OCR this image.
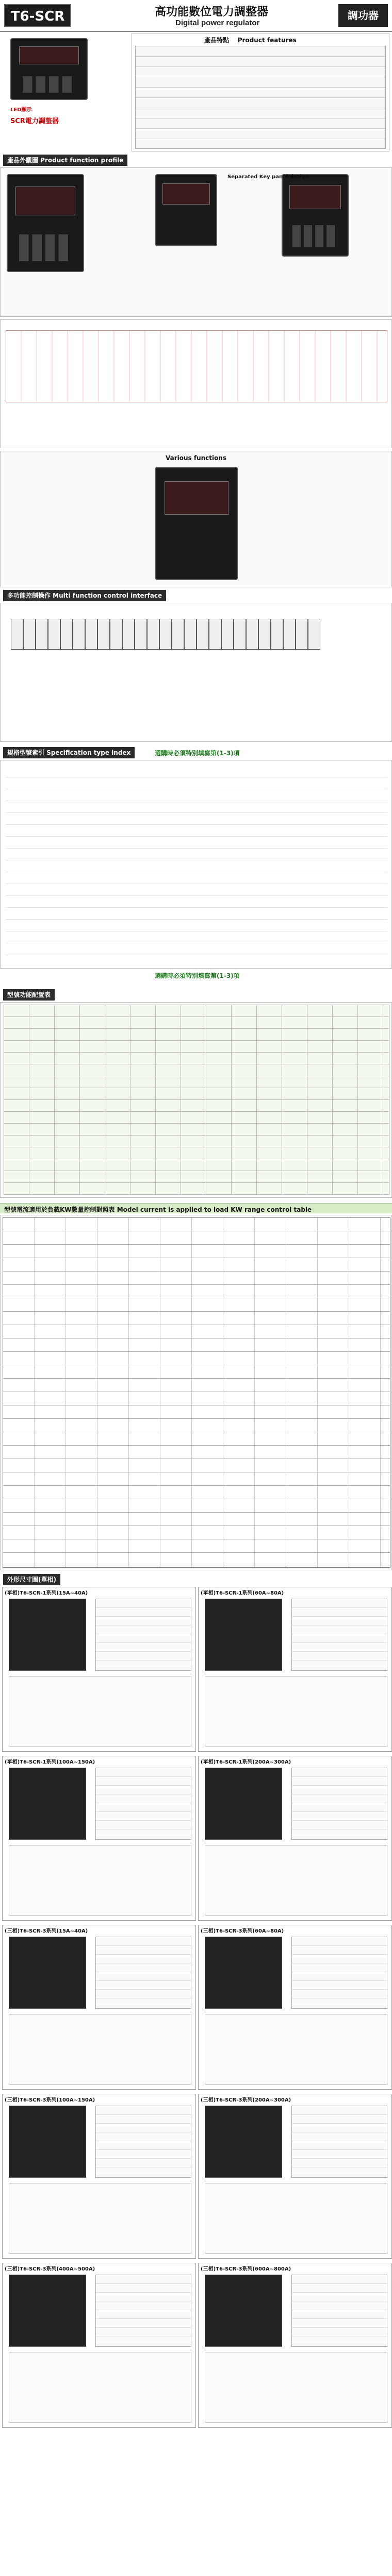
T6-SCR	高功能數位電力調整器
Digital power regulator
調功器
LED顯示
SCR電力調整器
產品特點 Product features
產品外觀圖 Product function profile
Separated Key panel design
Various functions
多功能控制操作 Multi function control interface
規格型號索引 Specification type index	選購時必須特別填寫第(1-3)項
選購時必須特別填寫第(1-3)項
型號功能配置表
型號電流適用於負載KW數量控制對照表 Model current is applied to load KW range control table
外形尺寸圖(單相)
(單相)T6-SCR-1系列(15A~40A)	(單相)T6-SCR-1系列(60A~80A)
(單相)T6-SCR-1系列(100A~150A)	(單相)T6-SCR-1系列(200A~300A)
(三相)T6-SCR-3系列(15A~40A)	(三相)T6-SCR-3系列(60A~80A)
(三相)T6-SCR-3系列(100A~150A)	(三相)T6-SCR-3系列(200A~300A)
(三相)T6-SCR-3系列(400A~500A)	(三相)T6-SCR-3系列(600A~800A)
